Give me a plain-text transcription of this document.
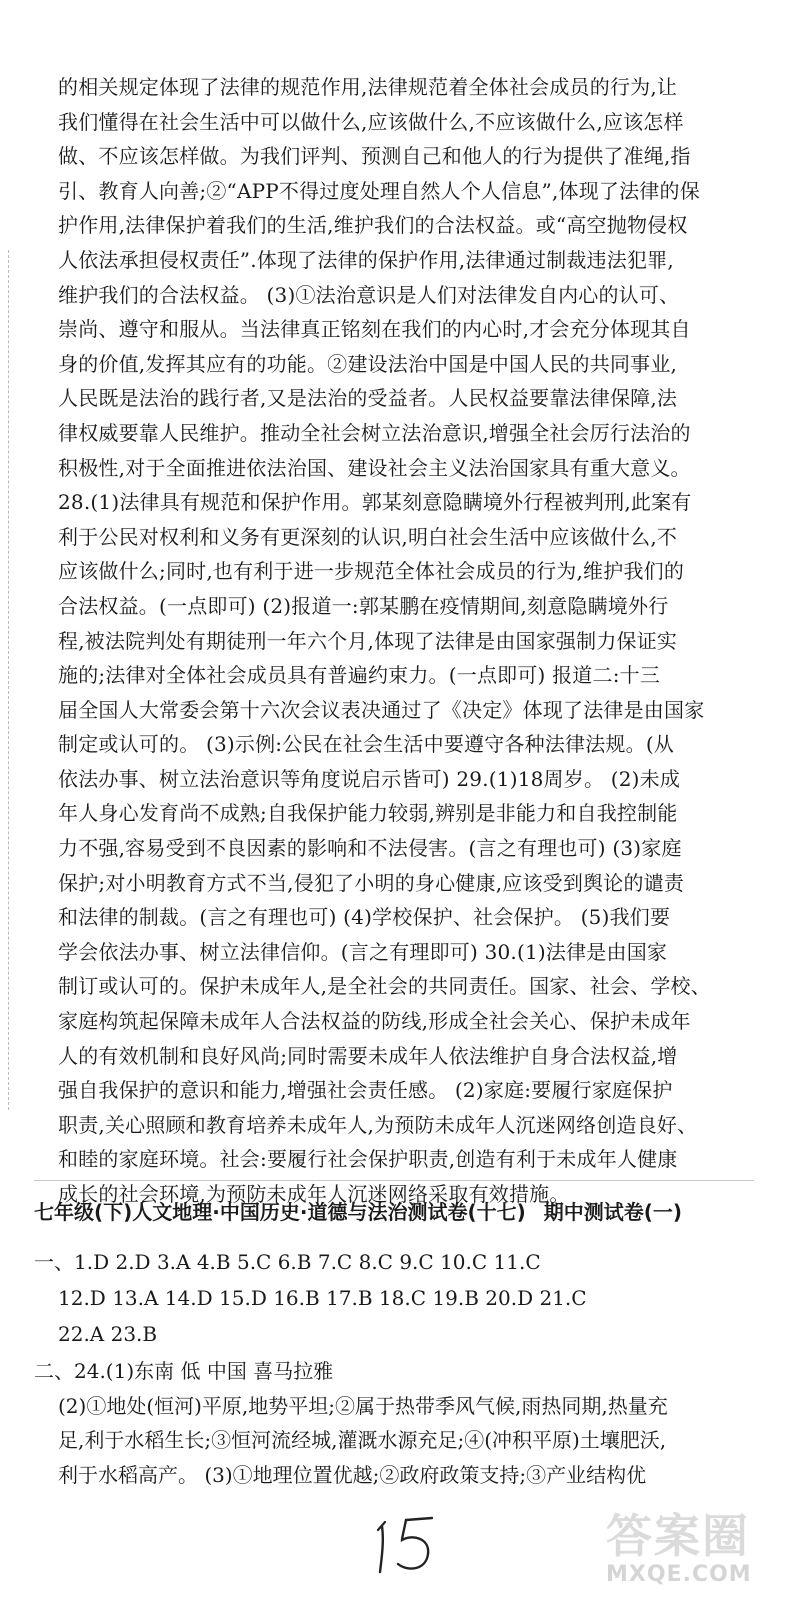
的相关规定体现了法律的规范作用,法律规范着全体社会成员的行为,让
我们懂得在社会生活中可以做什么,应该做什么,不应该做什么,应该怎样
做、不应该怎样做。为我们评判、预测自己和他人的行为提供了准绳,指
引、教育人向善;②“APP不得过度处理自然人个人信息”,体现了法律的保
护作用,法律保护着我们的生活,维护我们的合法权益。或“高空抛物侵权
人依法承担侵权责任”.体现了法律的保护作用,法律通过制裁违法犯罪,
维护我们的合法权益。 (3)①法治意识是人们对法律发自内心的认可、
崇尚、遵守和服从。当法律真正铭刻在我们的内心时,才会充分体现其自
身的价值,发挥其应有的功能。②建设法治中国是中国人民的共同事业,
人民既是法治的践行者,又是法治的受益者。人民权益要靠法律保障,法
律权威要靠人民维护。推动全社会树立法治意识,增强全社会厉行法治的
积极性,对于全面推进依法治国、建设社会主义法治国家具有重大意义。
28.(1)法律具有规范和保护作用。郭某刻意隐瞒境外行程被判刑,此案有
利于公民对权利和义务有更深刻的认识,明白社会生活中应该做什么,不
应该做什么;同时,也有利于进一步规范全体社会成员的行为,维护我们的
合法权益。(一点即可) (2)报道一:郭某鹏在疫情期间,刻意隐瞒境外行
程,被法院判处有期徒刑一年六个月,体现了法律是由国家强制力保证实
施的;法律对全体社会成员具有普遍约束力。(一点即可) 报道二:十三
届全国人大常委会第十六次会议表决通过了《决定》体现了法律是由国家
制定或认可的。 (3)示例:公民在社会生活中要遵守各种法律法规。(从
依法办事、树立法治意识等角度说启示皆可) 29.(1)18周岁。 (2)未成
年人身心发育尚不成熟;自我保护能力较弱,辨别是非能力和自我控制能
力不强,容易受到不良因素的影响和不法侵害。(言之有理也可) (3)家庭
保护;对小明教育方式不当,侵犯了小明的身心健康,应该受到舆论的谴责
和法律的制裁。(言之有理也可) (4)学校保护、社会保护。 (5)我们要
学会依法办事、树立法律信仰。(言之有理即可) 30.(1)法律是由国家
制订或认可的。保护未成年人,是全社会的共同责任。国家、社会、学校、
家庭构筑起保障未成年人合法权益的防线,形成全社会关心、保护未成年
人的有效机制和良好风尚;同时需要未成年人依法维护自身合法权益,增
强自我保护的意识和能力,增强社会责任感。 (2)家庭:要履行家庭保护
职责,关心照顾和教育培养未成年人,为预防未成年人沉迷网络创造良好、
和睦的家庭环境。社会:要履行社会保护职责,创造有利于未成年人健康
成长的社会环境,为预防未成年人沉迷网络采取有效措施。

七年级(下)人文地理·中国历史·道德与法治测试卷(十七) 期中测试卷(一)
一、1.D 2.D 3.A 4.B 5.C 6.B 7.C 8.C 9.C 10.C 11.C
12.D 13.A 14.D 15.D 16.B 17.B 18.C 19.B 20.D 21.C
22.A 23.B
二、24.(1)东南 低 中国 喜马拉雅
(2)①地处(恒河)平原,地势平坦;②属于热带季风气候,雨热同期,热量充
足,利于水稻生长;③恒河流经城,灌溉水源充足;④(冲积平原)土壤肥沃,
利于水稻高产。 (3)①地理位置优越;②政府政策支持;③产业结构优
答案圈
MXQE.COM
